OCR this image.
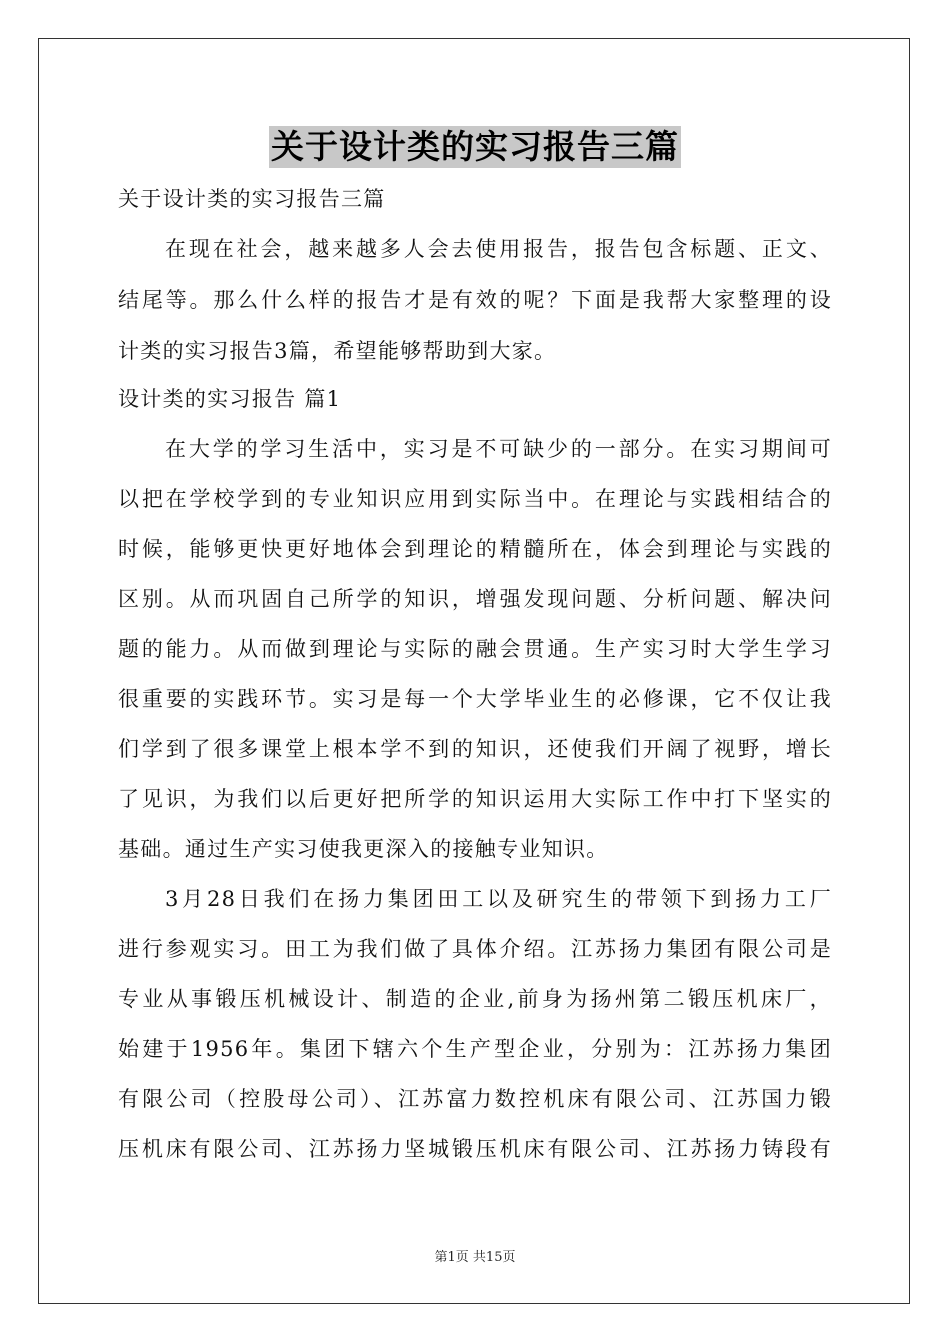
关于设计类的实习报告三篇
关于设计类的实习报告三篇
在现在社会，越来越多人会去使用报告，报告包含标题、正文、
结尾等。那么什么样的报告才是有效的呢？下面是我帮大家整理的设
计类的实习报告3篇，希望能够帮助到大家。
设计类的实习报告 篇1
在大学的学习生活中，实习是不可缺少的一部分。在实习期间可
以把在学校学到的专业知识应用到实际当中。在理论与实践相结合的
时候，能够更快更好地体会到理论的精髓所在，体会到理论与实践的
区别。从而巩固自己所学的知识，增强发现问题、分析问题、解决问
题的能力。从而做到理论与实际的融会贯通。生产实习时大学生学习
很重要的实践环节。实习是每一个大学毕业生的必修课，它不仅让我
们学到了很多课堂上根本学不到的知识，还使我们开阔了视野，增长
了见识，为我们以后更好把所学的知识运用大实际工作中打下坚实的
基础。通过生产实习使我更深入的接触专业知识。
3月28日我们在扬力集团田工以及研究生的带领下到扬力工厂
进行参观实习。田工为我们做了具体介绍。江苏扬力集团有限公司是
专业从事锻压机械设计、制造的企业,前身为扬州第二锻压机床厂，
始建于1956年。集团下辖六个生产型企业，分别为：江苏扬力集团
有限公司（控股母公司）、江苏富力数控机床有限公司、江苏国力锻
压机床有限公司、江苏扬力坚城锻压机床有限公司、江苏扬力铸段有
第1页 共15页
